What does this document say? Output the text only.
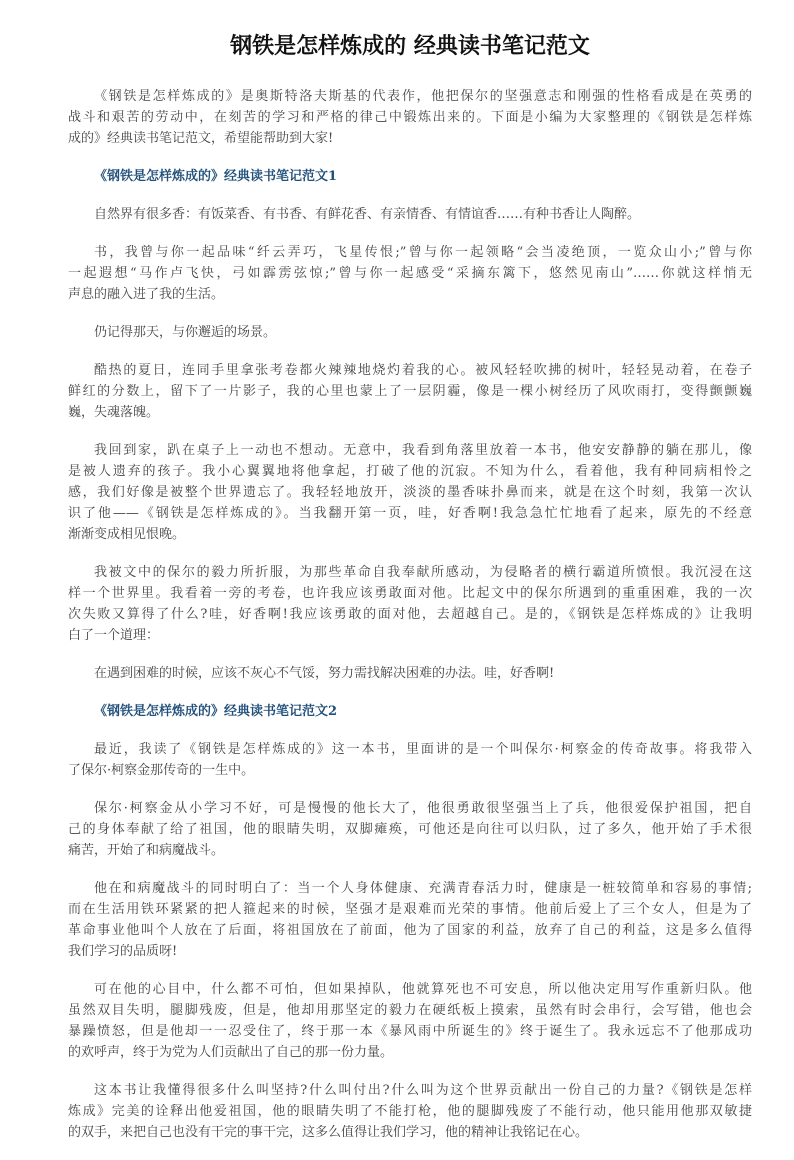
钢铁是怎样炼成的 经典读书笔记范文
《钢铁是怎样炼成的》是奥斯特洛夫斯基的代表作，他把保尔的坚强意志和刚强的性格看成是在英勇的
战斗和艰苦的劳动中，在刻苦的学习和严格的律己中锻炼出来的。下面是小编为大家整理的《钢铁是怎样炼
成的》经典读书笔记范文，希望能帮助到大家!
《钢铁是怎样炼成的》经典读书笔记范文1
自然界有很多香：有饭菜香、有书香、有鲜花香、有亲情香、有情谊香……有种书香让人陶醉。
书，我曾与你一起品味“纤云弄巧，飞星传恨;”曾与你一起领略“会当凌绝顶，一览众山小;”曾与你
一起遐想“马作卢飞快，弓如霹雳弦惊;”曾与你一起感受“采摘东篱下，悠然见南山”……你就这样悄无
声息的融入进了我的生活。
仍记得那天，与你邂逅的场景。
酷热的夏日，连同手里拿张考卷都火辣辣地烧灼着我的心。被风轻轻吹拂的树叶，轻轻晃动着，在卷子
鲜红的分数上，留下了一片影子，我的心里也蒙上了一层阴霾，像是一棵小树经历了风吹雨打，变得颤颤巍
巍，失魂落魄。
我回到家，趴在桌子上一动也不想动。无意中，我看到角落里放着一本书，他安安静静的躺在那儿，像
是被人遗弃的孩子。我小心翼翼地将他拿起，打破了他的沉寂。不知为什么，看着他，我有种同病相怜之
感，我们好像是被整个世界遗忘了。我轻轻地放开，淡淡的墨香味扑鼻而来，就是在这个时刻，我第一次认
识了他——《钢铁是怎样炼成的》。当我翻开第一页，哇，好香啊!我急急忙忙地看了起来，原先的不经意
渐渐变成相见恨晚。
我被文中的保尔的毅力所折服，为那些革命自我奉献所感动，为侵略者的横行霸道所愤恨。我沉浸在这
样一个世界里。我看着一旁的考卷，也许我应该勇敢面对他。比起文中的保尔所遇到的重重困难，我的一次
次失败又算得了什么?哇，好香啊!我应该勇敢的面对他，去超越自己。是的，《钢铁是怎样炼成的》让我明
白了一个道理：
在遇到困难的时候，应该不灰心不气馁，努力需找解决困难的办法。哇，好香啊!
《钢铁是怎样炼成的》经典读书笔记范文2
最近，我读了《钢铁是怎样炼成的》这一本书，里面讲的是一个叫保尔·柯察金的传奇故事。将我带入
了保尔·柯察金那传奇的一生中。
保尔·柯察金从小学习不好，可是慢慢的他长大了，他很勇敢很坚强当上了兵，他很爱保护祖国，把自
己的身体奉献了给了祖国，他的眼睛失明，双脚瘫痪，可他还是向往可以归队，过了多久，他开始了手术很
痛苦，开始了和病魔战斗。
他在和病魔战斗的同时明白了：当一个人身体健康、充满青春活力时，健康是一桩较简单和容易的事情;
而在生活用铁环紧紧的把人箍起来的时候，坚强才是艰难而光荣的事情。他前后爱上了三个女人，但是为了
革命事业他叫个人放在了后面，将祖国放在了前面，他为了国家的利益，放弃了自己的利益，这是多么值得
我们学习的品质呀!
可在他的心目中，什么都不可怕，但如果掉队，他就算死也不可安息，所以他决定用写作重新归队。他
虽然双目失明，腿脚残废，但是，他却用那坚定的毅力在硬纸板上摸索，虽然有时会串行，会写错，他也会
暴躁愤怒，但是他却一一忍受住了，终于那一本《暴风雨中所诞生的》终于诞生了。我永远忘不了他那成功
的欢呼声，终于为党为人们贡献出了自己的那一份力量。
这本书让我懂得很多什么叫坚持?什么叫付出?什么叫为这个世界贡献出一份自己的力量?《钢铁是怎样
炼成》完美的诠释出他爱祖国，他的眼睛失明了不能打枪，他的腿脚残废了不能行动，他只能用他那双敏捷
的双手，来把自己也没有干完的事干完，这多么值得让我们学习，他的精神让我铭记在心。
